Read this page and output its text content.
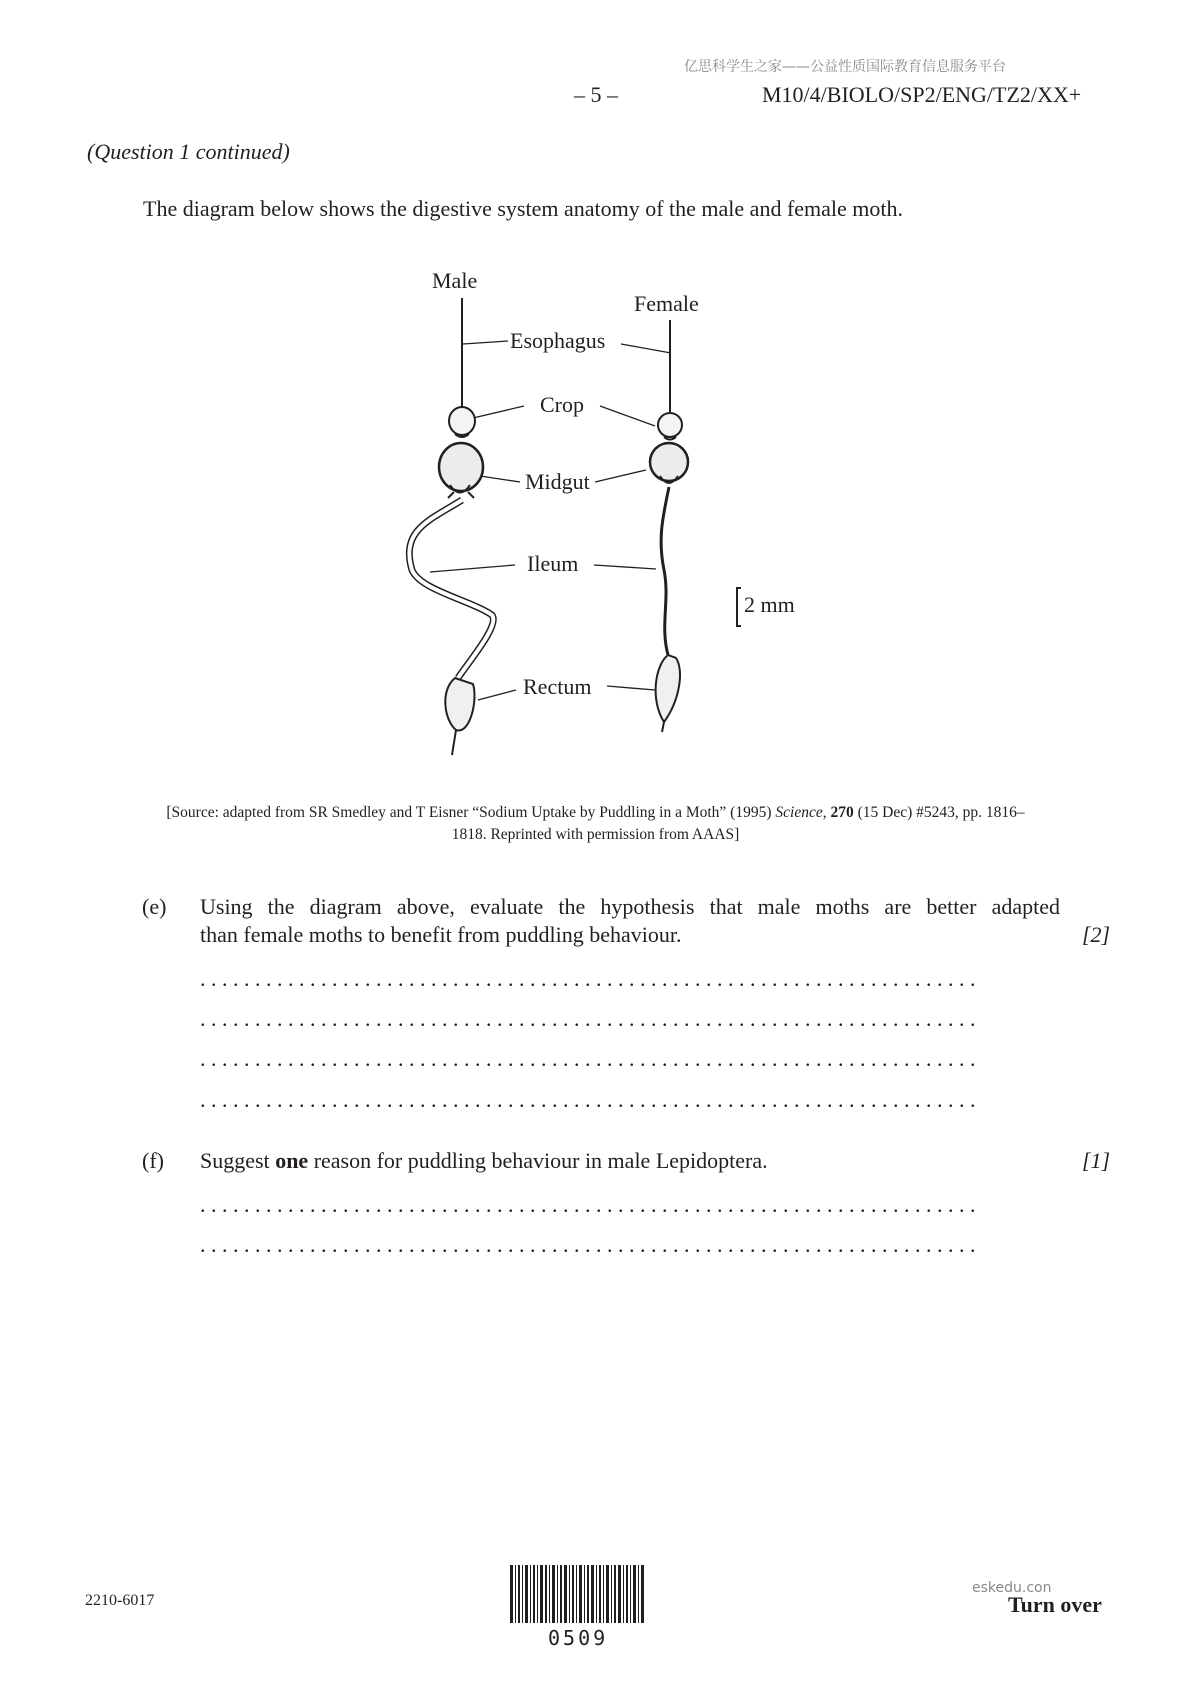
亿思科学生之家——公益性质国际教育信息服务平台
– 5 –	M10/4/BIOLO/SP2/ENG/TZ2/XX+
(Question 1 continued)
The diagram below shows the digestive system anatomy of the male and female moth.
Male
Female
Esophagus
Crop
Midgut
Ileum
Rectum
2 mm
[Source: adapted from SR Smedley and T Eisner “Sodium Uptake by Puddling in a Moth” (1995) Science, 270 (15 Dec) #5243, pp. 1816–
1818. Reprinted with permission from AAAS]
(e) Using the diagram above, evaluate the hypothesis that male moths are better adapted
than female moths to benefit from puddling behaviour.	[2]
. . . . . . . . . . . . . . . . . . . . . . . . . . . . . . . . . . . . . . . . . . . . . . . . . . . . . . . . . . . . . . . . . . . . . . .
. . . . . . . . . . . . . . . . . . . . . . . . . . . . . . . . . . . . . . . . . . . . . . . . . . . . . . . . . . . . . . . . . . . . . . .
. . . . . . . . . . . . . . . . . . . . . . . . . . . . . . . . . . . . . . . . . . . . . . . . . . . . . . . . . . . . . . . . . . . . . . .
. . . . . . . . . . . . . . . . . . . . . . . . . . . . . . . . . . . . . . . . . . . . . . . . . . . . . . . . . . . . . . . . . . . . . . .
(f) Suggest one reason for puddling behaviour in male Lepidoptera.	[1]
. . . . . . . . . . . . . . . . . . . . . . . . . . . . . . . . . . . . . . . . . . . . . . . . . . . . . . . . . . . . . . . . . . . . . . .
. . . . . . . . . . . . . . . . . . . . . . . . . . . . . . . . . . . . . . . . . . . . . . . . . . . . . . . . . . . . . . . . . . . . . . .
2210-6017
0509
eskedu.con
Turn over
